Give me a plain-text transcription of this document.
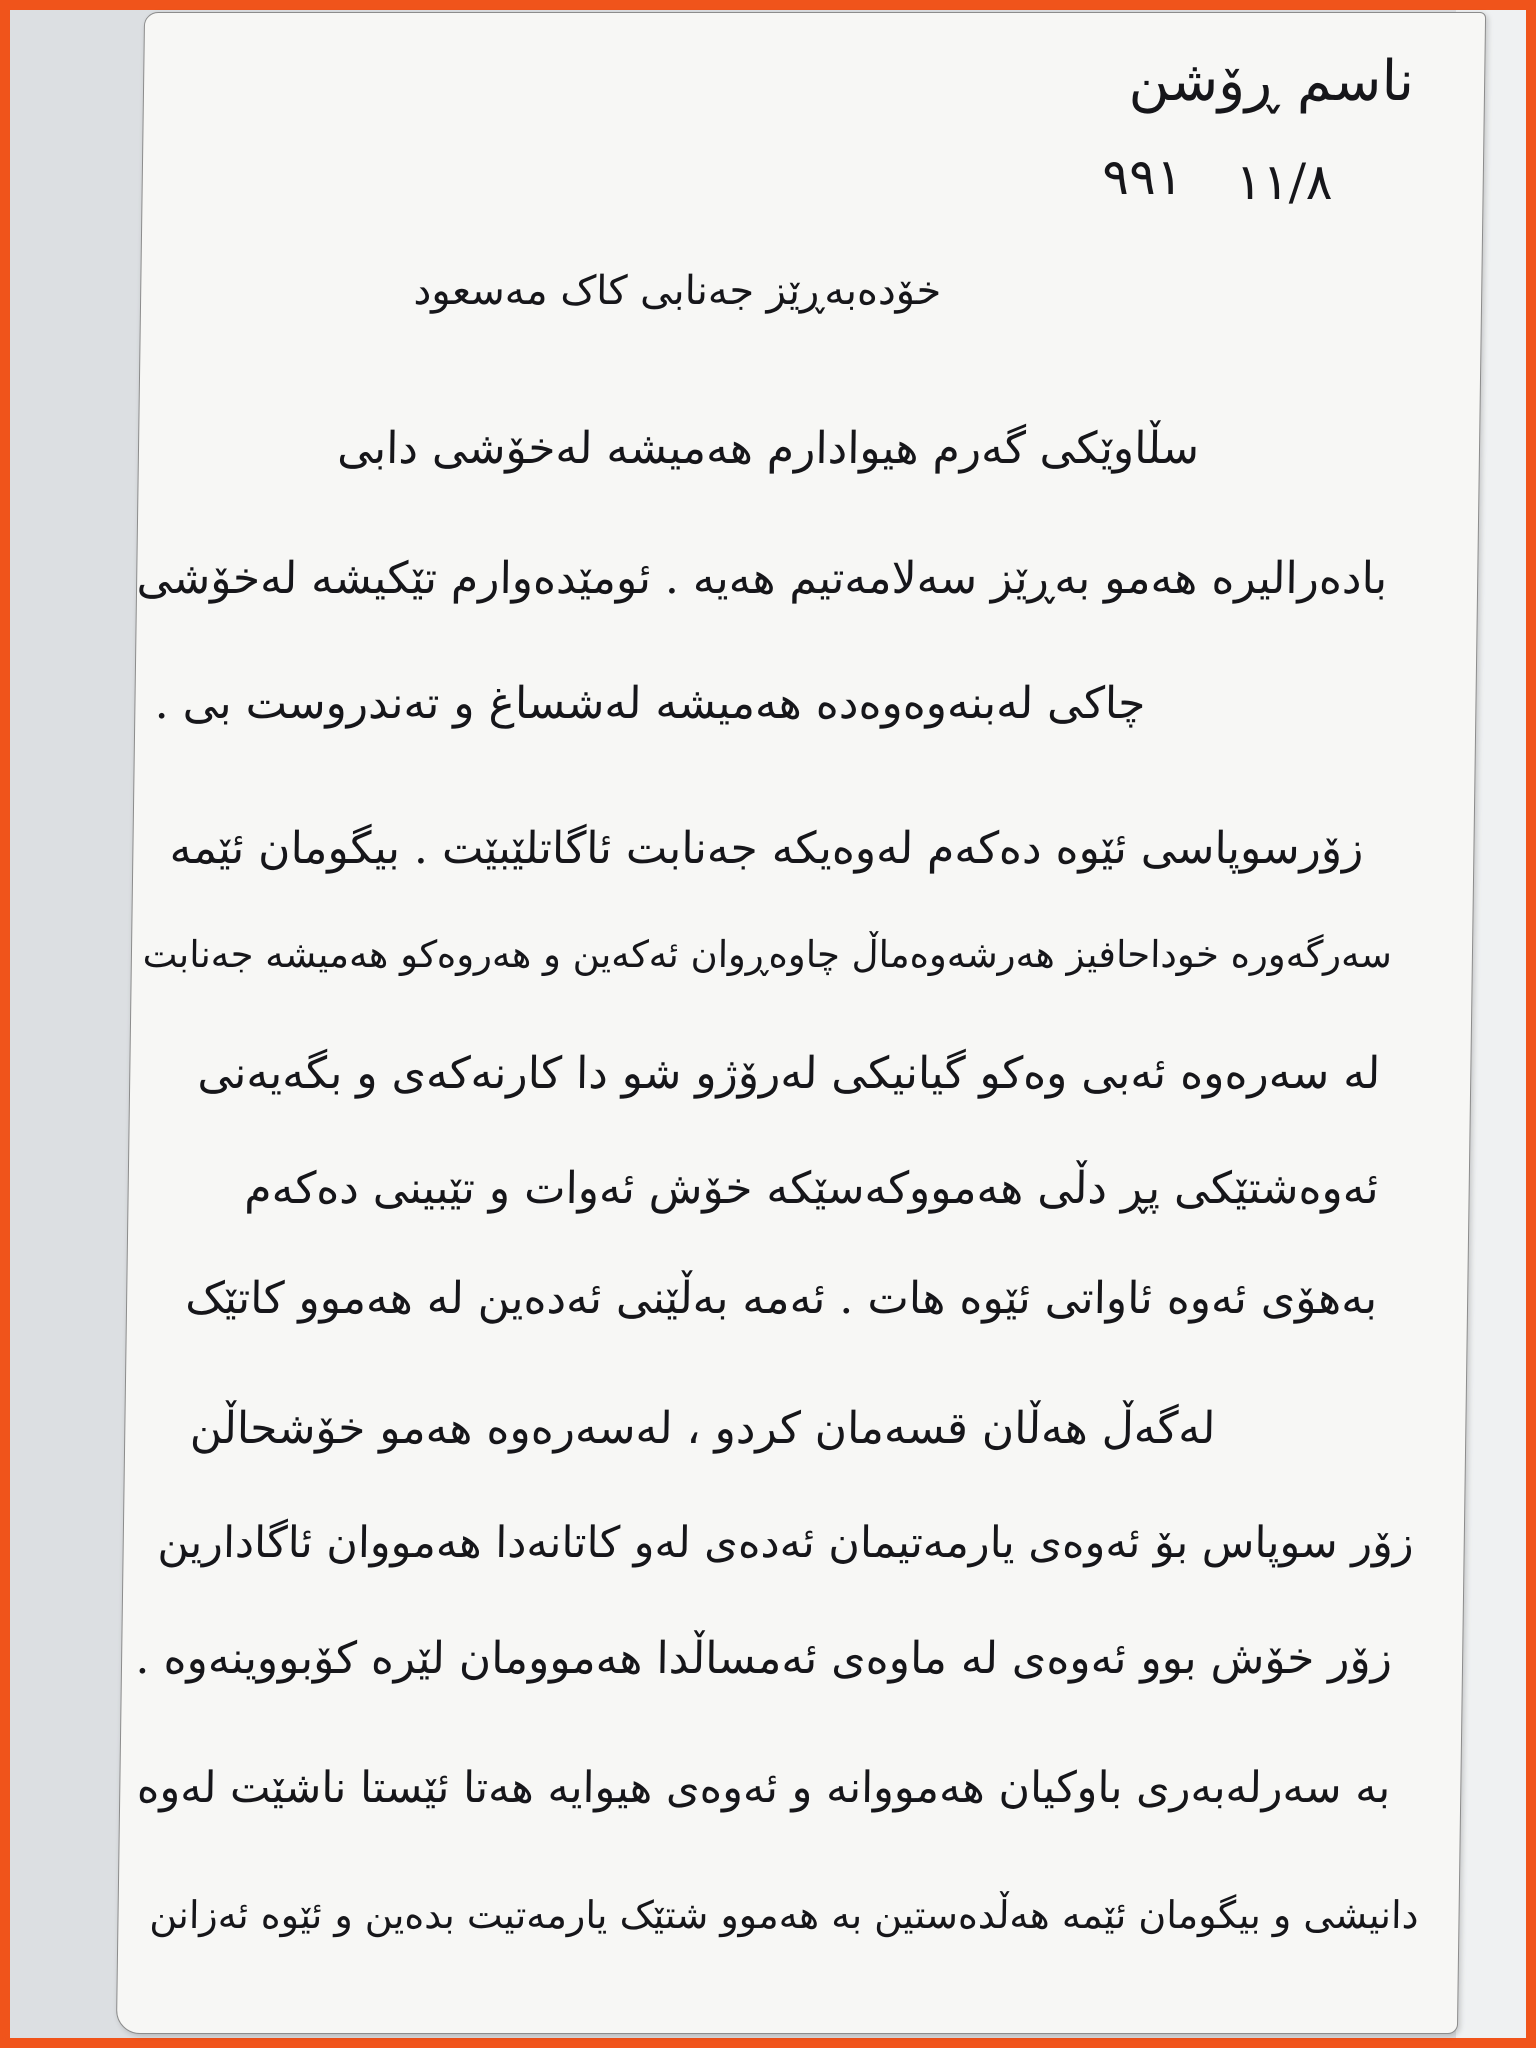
ناسم ڕۆشن
١١/٨
٩٩١
خۆدەبەڕێز جەنابی کاک مەسعود
سڵاوێکی گەرم هیوادارم هەمیشە لەخۆشی دابی
بادەرالیرە هەمو بەڕێز سەلامەتیم هەیە . ئومێدەوارم تێکیشە لەخۆشی
چاکی لەبنەوەوەدە هەمیشە لەشساغ و تەندروست بی .
زۆرسوپاسی ئێوە دەکەم لەوەیکە جەنابت ئاگاتلێبێت . بیگومان ئێمە
سەرگەورە خوداحافیز هەرشەوەماڵ چاوەڕوان ئەکەین و هەروەکو هەمیشە جەنابت
لە سەرەوە ئەبی وەکو گیانیکی لەرۆژو شو دا کارنەکەی و بگەیەنی
ئەوەشتێکی پڕ دڵی هەمووکەسێکە خۆش ئەوات و تێبینی دەکەم
بەهۆی ئەوە ئاواتی ئێوە هات . ئەمە بەڵێنی ئەدەین لە هەموو کاتێک
لەگەڵ هەڵان قسەمان کردو ، لەسەرەوە هەمو خۆشحاڵن
زۆر سوپاس بۆ ئەوەی یارمەتیمان ئەدەی لەو کاتانەدا هەمووان ئاگادارین
زۆر خۆش بوو ئەوەی لە ماوەی ئەمساڵدا هەموومان لێرە کۆبووینەوە .
بە سەرلەبەری باوکیان هەمووانە و ئەوەی هیوایە هەتا ئێستا ناشێت لەوە
دانیشی و بیگومان ئێمە هەڵدەستین بە هەموو شتێک یارمەتیت بدەین و ئێوە ئەزانن
